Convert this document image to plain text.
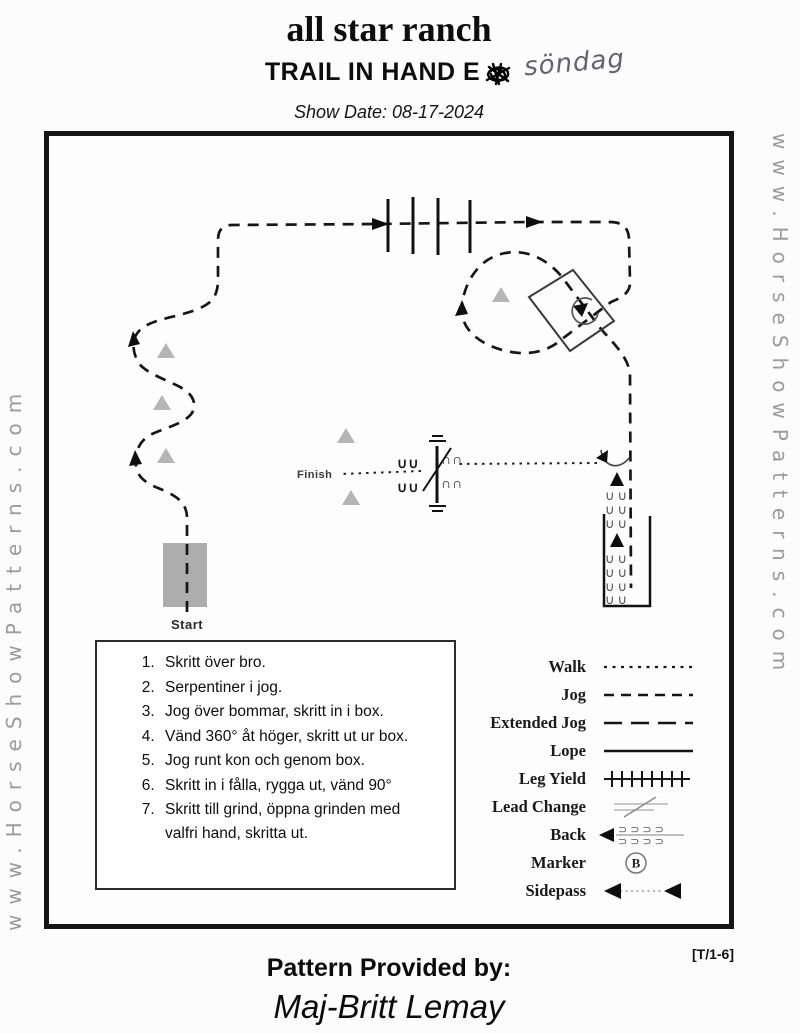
www.HorseShowPatterns.com	www.HorseShowPatterns.com
all star ranch
TRAIL IN HAND E söndag
Show Date: 08-17-2024
∪∪ ∩∩
∪∪ ∩∩
∪∪
∪∪
∪∪
∪∪
∪∪
∪∪
∪∪
Start
Finish
1. Skritt över bro.
2. Serpentiner i jog.
3. Jog över bommar, skritt in i box.
4. Vänd 360° åt höger, skritt ut ur box.
5. Jog runt kon och genom box.
6. Skritt in i fålla, rygga ut, vänd 90°
7. Skritt till grind, öppna grinden med valfri hand, skritta ut.
Walk
Jog
Extended Jog
Lope
Leg Yield
Lead Change
Back	⊃⊃⊃⊃
⊃⊃⊃⊃
Marker	B
Sidepass
[T/1-6]
Pattern Provided by:
Maj-Britt Lemay
